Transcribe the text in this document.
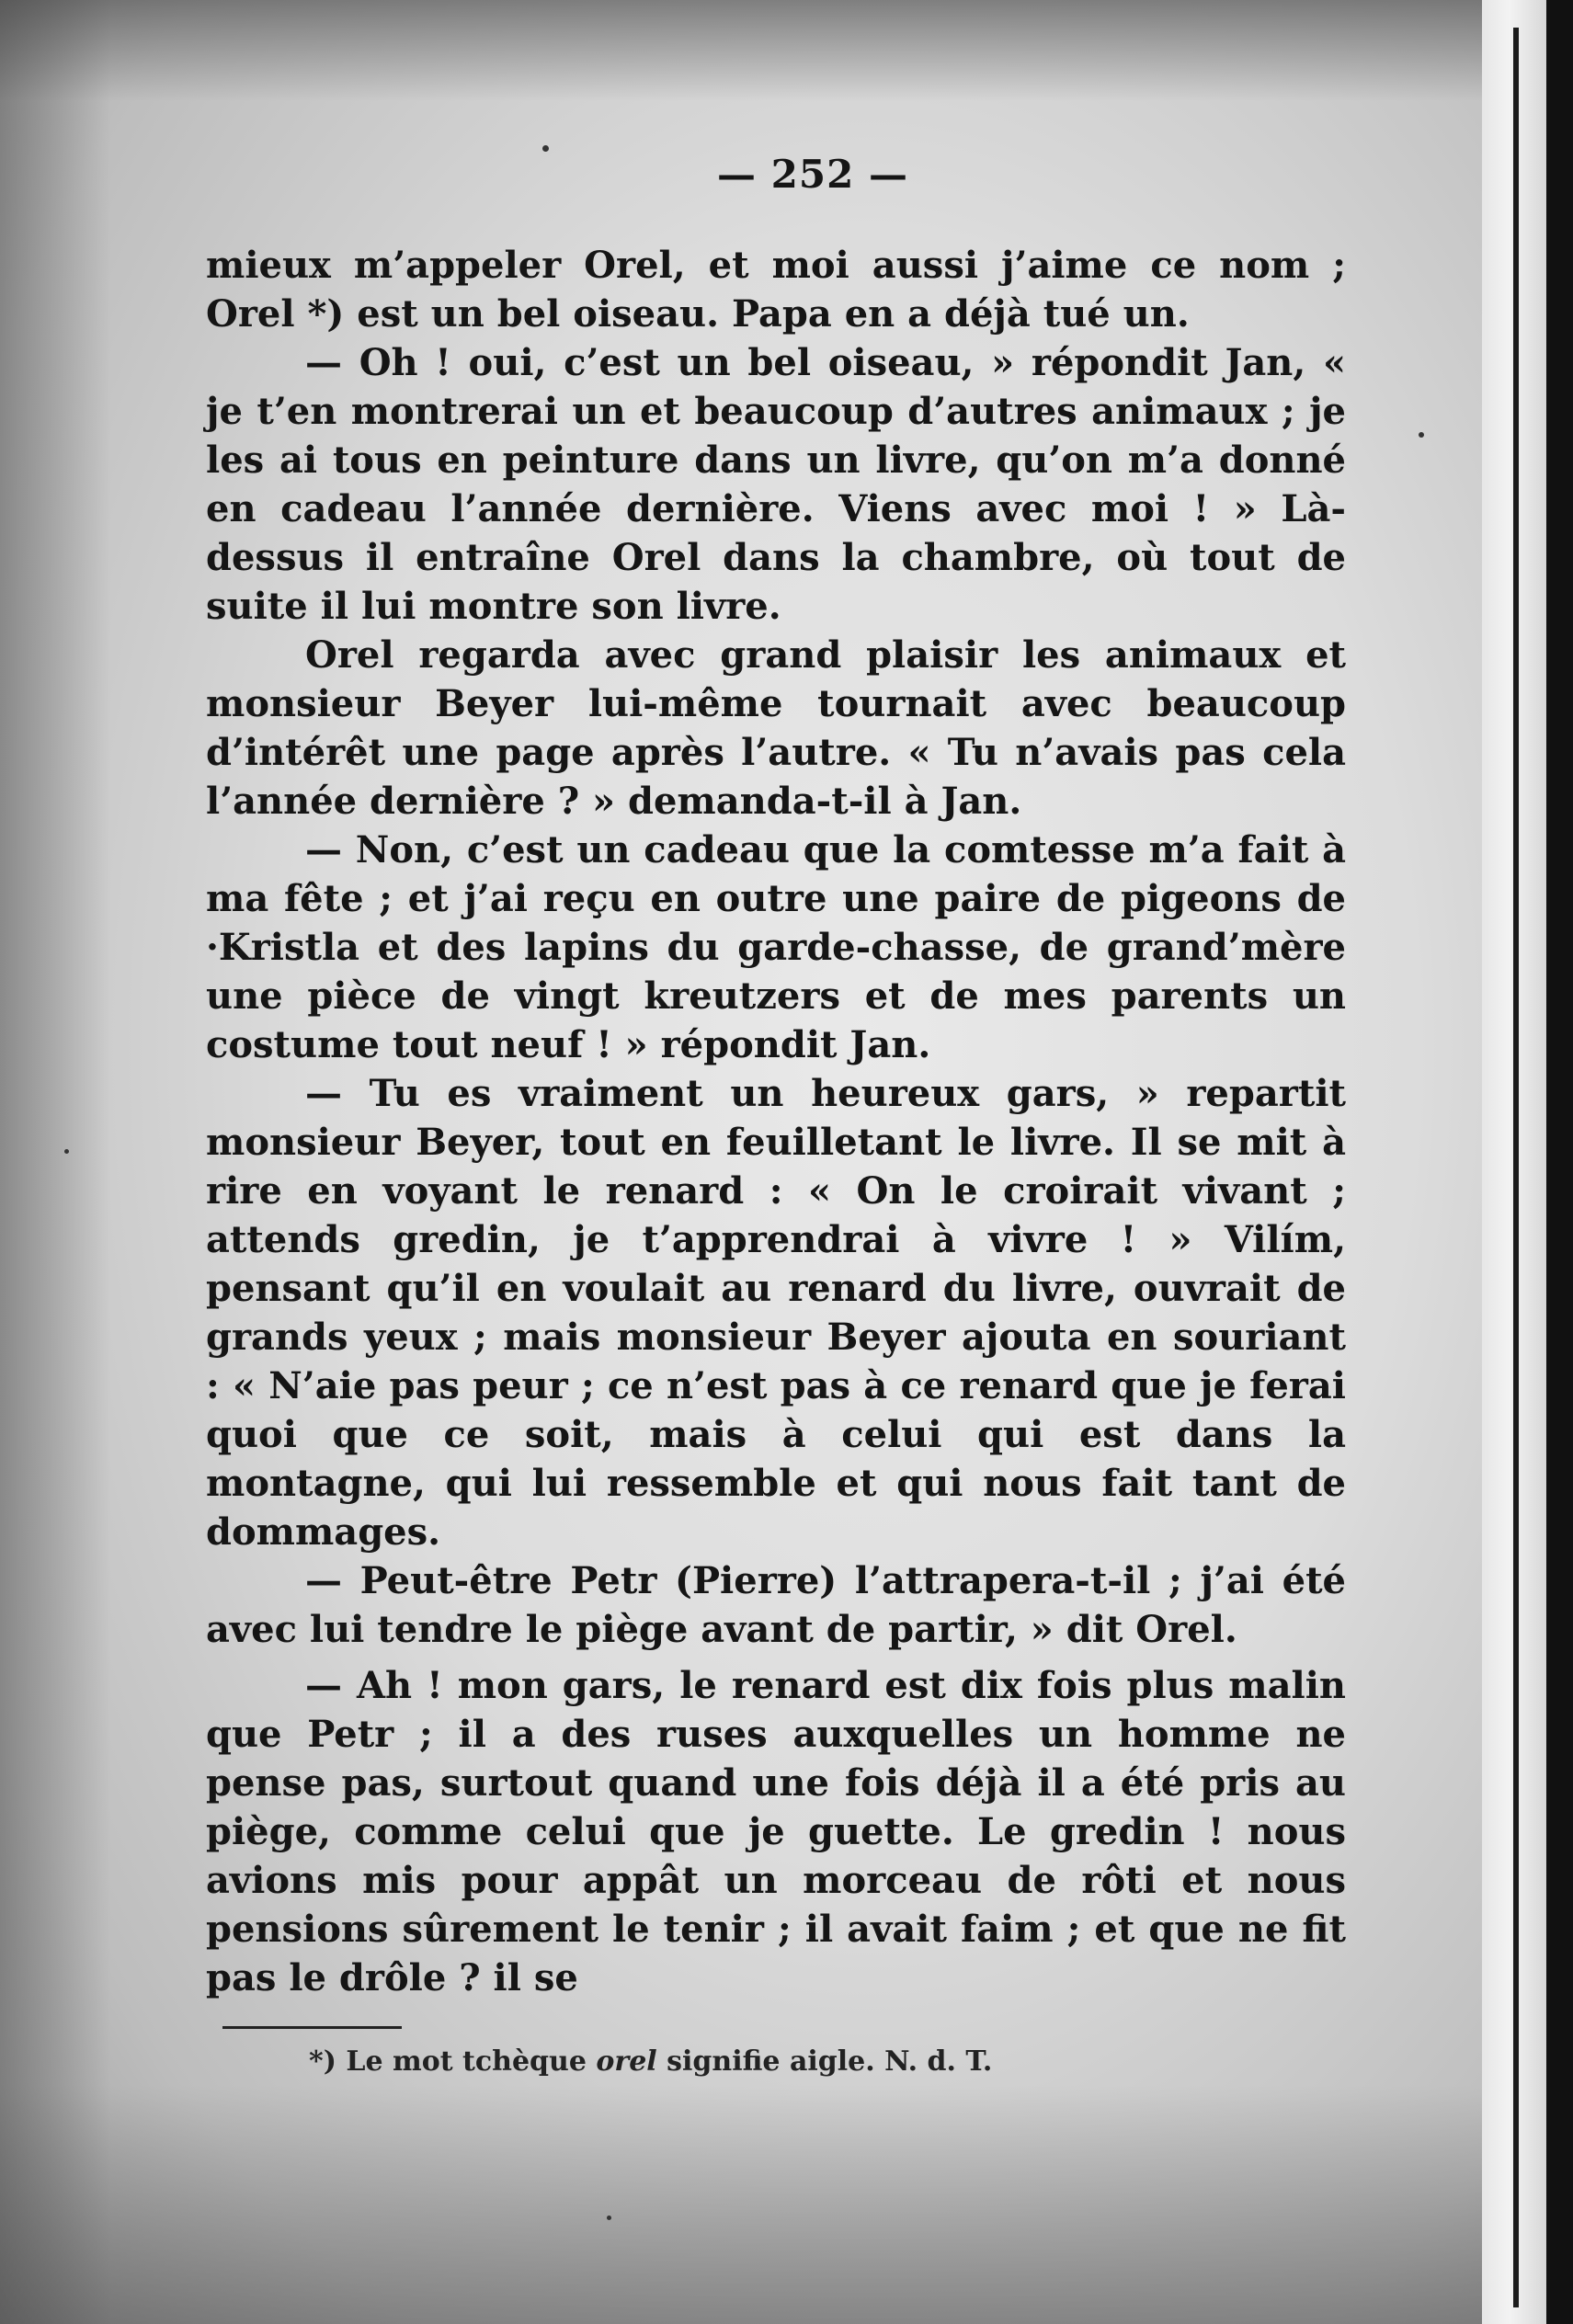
— 252 —

mieux m’appeler Orel, et moi aussi j’aime ce nom ; Orel *) est un bel oiseau. Papa en a déjà tué un.

— Oh ! oui, c’est un bel oiseau, » répondit Jan, « je t’en montrerai un et beaucoup d’autres animaux ; je les ai tous en peinture dans un livre, qu’on m’a donné en cadeau l’année dernière. Viens avec moi ! » Là-dessus il entraîne Orel dans la chambre, où tout de suite il lui montre son livre.

Orel regarda avec grand plaisir les animaux et monsieur Beyer lui-même tournait avec beaucoup d’intérêt une page après l’autre. « Tu n’avais pas cela l’année dernière ? » demanda-t-il à Jan.

— Non, c’est un cadeau que la comtesse m’a fait à ma fête ; et j’ai reçu en outre une paire de pigeons de ·Kristla et des lapins du garde-chasse, de grand’mère une pièce de vingt kreutzers et de mes parents un costume tout neuf ! » répondit Jan.

— Tu es vraiment un heureux gars, » repartit monsieur Beyer, tout en feuilletant le livre. Il se mit à rire en voyant le renard : « On le croirait vivant ; attends gredin, je t’apprendrai à vivre ! » Vilím, pensant qu’il en voulait au renard du livre, ouvrait de grands yeux ; mais monsieur Beyer ajouta en souriant : « N’aie pas peur ; ce n’est pas à ce renard que je ferai quoi que ce soit, mais à celui qui est dans la montagne, qui lui ressemble et qui nous fait tant de dommages.

— Peut-être Petr (Pierre) l’attrapera-t-il ; j’ai été avec lui tendre le piège avant de partir, » dit Orel.

— Ah ! mon gars, le renard est dix fois plus malin que Petr ; il a des ruses auxquelles un homme ne pense pas, surtout quand une fois déjà il a été pris au piège, comme celui que je guette. Le gredin ! nous avions mis pour appât un morceau de rôti et nous pensions sûrement le tenir ; il avait faim ; et que ne fit pas le drôle ? il se

*) Le mot tchèque orel signifie aigle. N. d. T.
